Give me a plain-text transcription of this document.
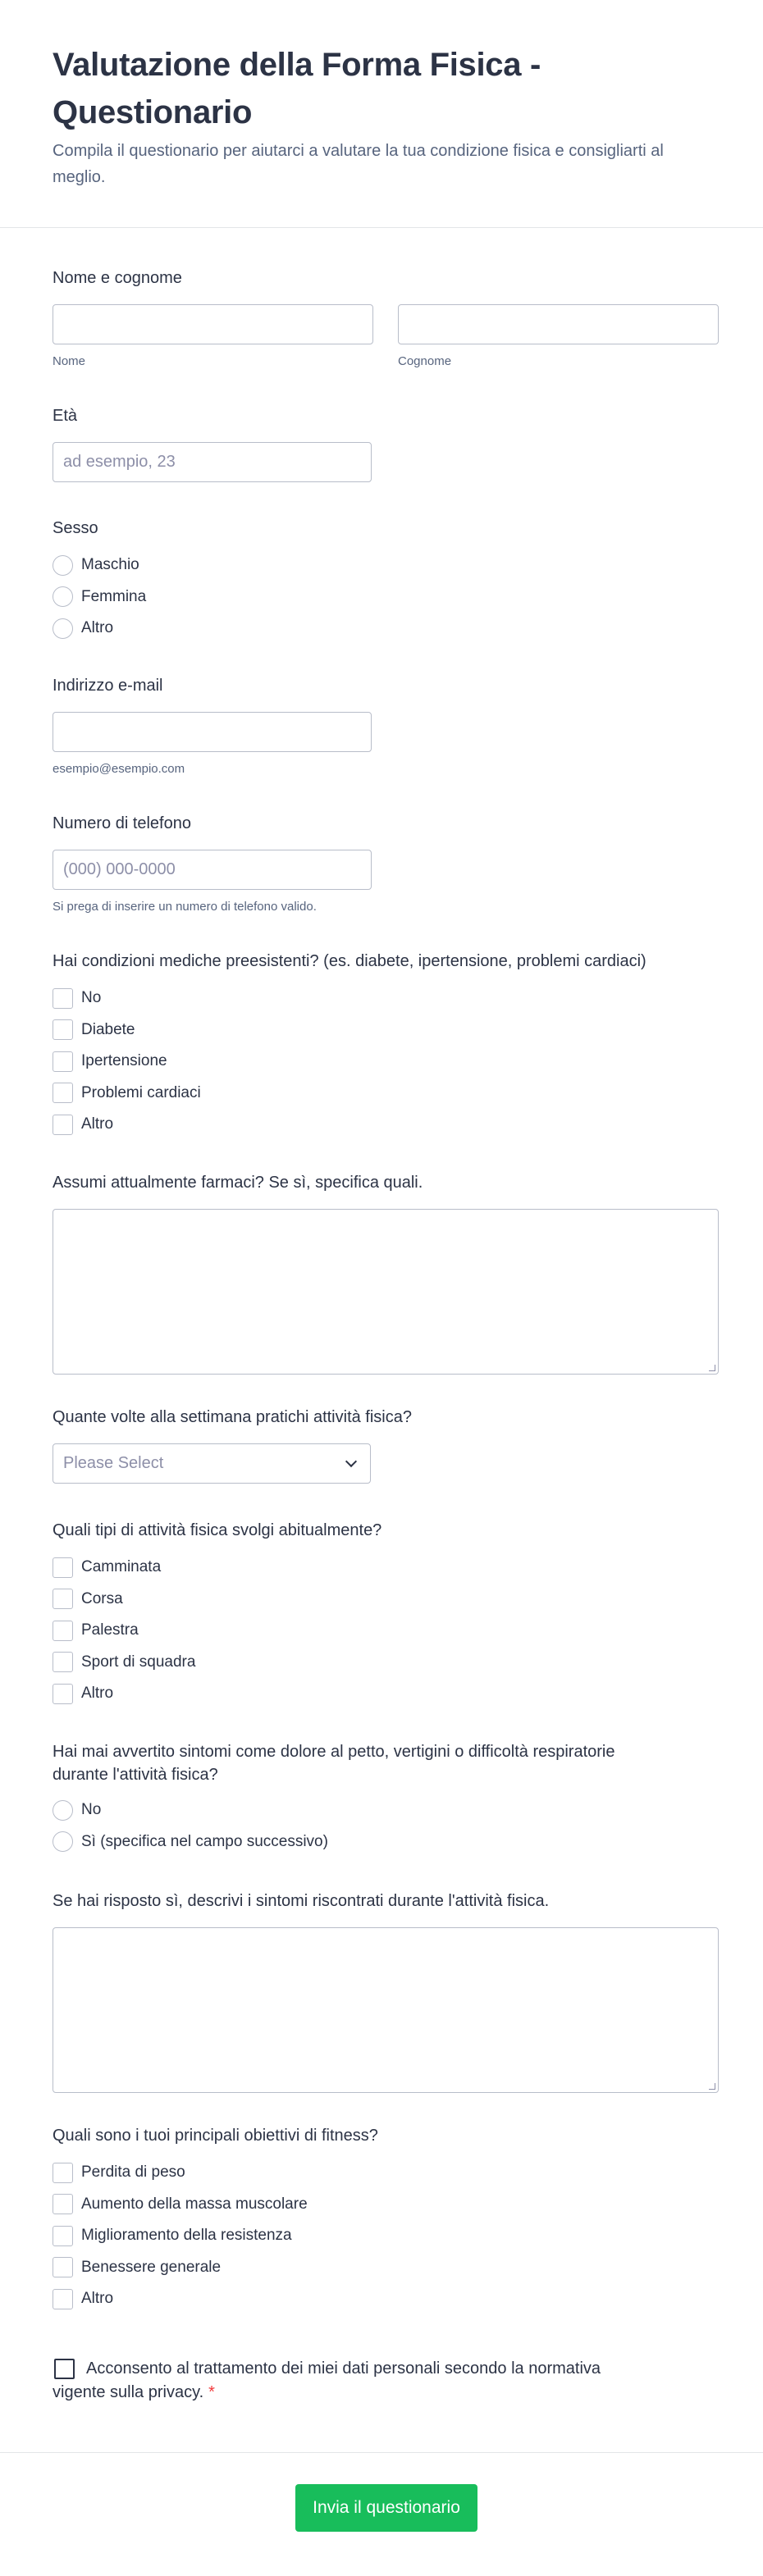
Valutazione della Forma Fisica -
Questionario
Compila il questionario per aiutarci a valutare la tua condizione fisica e consigliarti al meglio.
Nome e cognome
Nome	Cognome
Età
ad esempio, 23
Sesso
Maschio
Femmina
Altro
Indirizzo e-mail
esempio@esempio.com
Numero di telefono
(000) 000-0000
Si prega di inserire un numero di telefono valido.
Hai condizioni mediche preesistenti? (es. diabete, ipertensione, problemi cardiaci)
No
Diabete
Ipertensione
Problemi cardiaci
Altro
Assumi attualmente farmaci? Se sì, specifica quali.
Quante volte alla settimana pratichi attività fisica?
Please Select
Quali tipi di attività fisica svolgi abitualmente?
Camminata
Corsa
Palestra
Sport di squadra
Altro
Hai mai avvertito sintomi come dolore al petto, vertigini o difficoltà respiratorie
durante l'attività fisica?
No
Sì (specifica nel campo successivo)
Se hai risposto sì, descrivi i sintomi riscontrati durante l'attività fisica.
Quali sono i tuoi principali obiettivi di fitness?
Perdita di peso
Aumento della massa muscolare
Miglioramento della resistenza
Benessere generale
Altro
Acconsento al trattamento dei miei dati personali secondo la normativa
vigente sulla privacy. *
Invia il questionario
